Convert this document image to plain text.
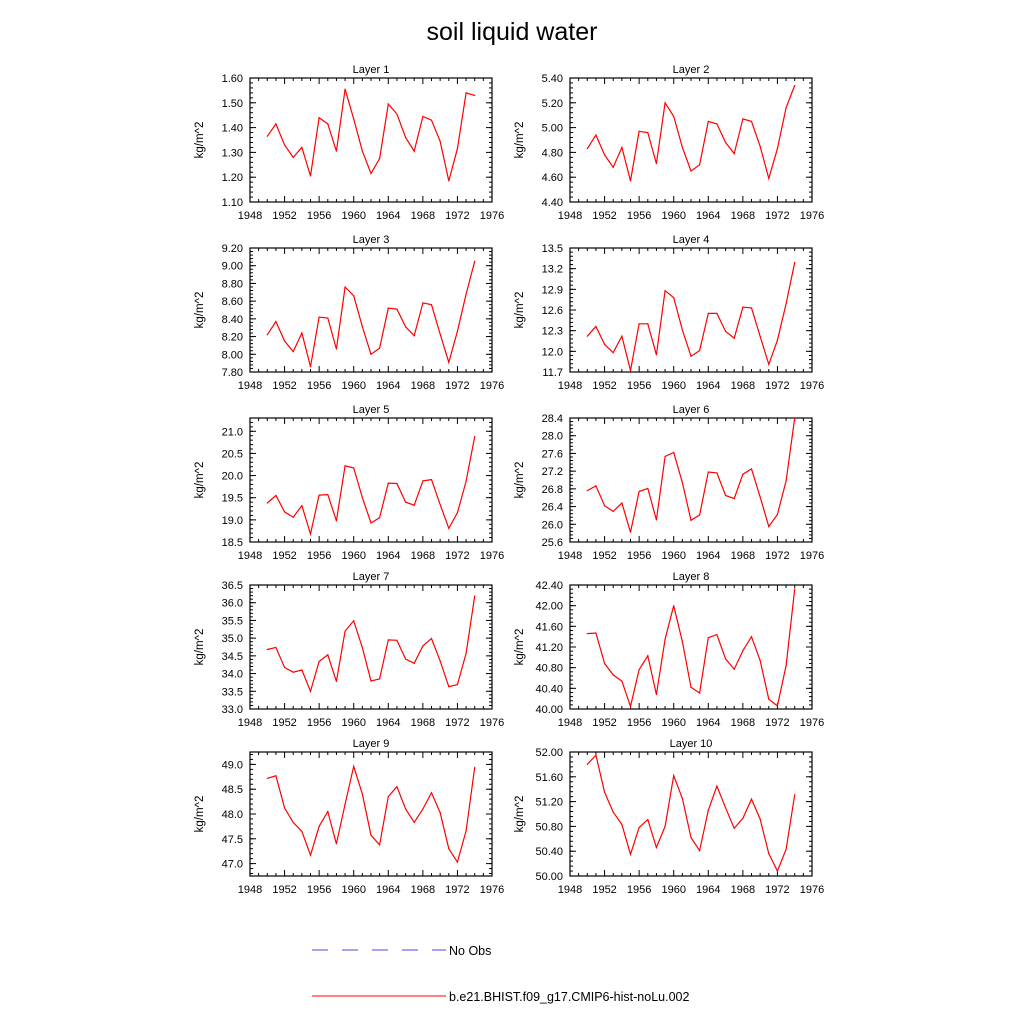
soil liquid water
Layer 1
kg/m^2
1948 1952 1956 1960 1964 1968 1972 1976
1.10
1.20
1.30
1.40
1.50
1.60
Layer 2
kg/m^2
1948 1952 1956 1960 1964 1968 1972 1976
4.40
4.60
4.80
5.00
5.20
5.40
Layer 3
kg/m^2
1948 1952 1956 1960 1964 1968 1972 1976
7.80
8.00
8.20
8.40
8.60
8.80
9.00
9.20
Layer 4
kg/m^2
1948 1952 1956 1960 1964 1968 1972 1976
11.7
12.0
12.3
12.6
12.9
13.2
13.5
Layer 5
kg/m^2
1948 1952 1956 1960 1964 1968 1972 1976
18.5
19.0
19.5
20.0
20.5
21.0
Layer 6
kg/m^2
1948 1952 1956 1960 1964 1968 1972 1976
25.6
26.0
26.4
26.8
27.2
27.6
28.0
28.4
Layer 7
kg/m^2
1948 1952 1956 1960 1964 1968 1972 1976
33.0
33.5
34.0
34.5
35.0
35.5
36.0
36.5
Layer 8
kg/m^2
1948 1952 1956 1960 1964 1968 1972 1976
40.00
40.40
40.80
41.20
41.60
42.00
42.40
Layer 9
kg/m^2
1948 1952 1956 1960 1964 1968 1972 1976
47.0
47.5
48.0
48.5
49.0
Layer 10
kg/m^2
1948 1952 1956 1960 1964 1968 1972 1976
50.00
50.40
50.80
51.20
51.60
52.00
No Obs
b.e21.BHIST.f09_g17.CMIP6-hist-noLu.002
